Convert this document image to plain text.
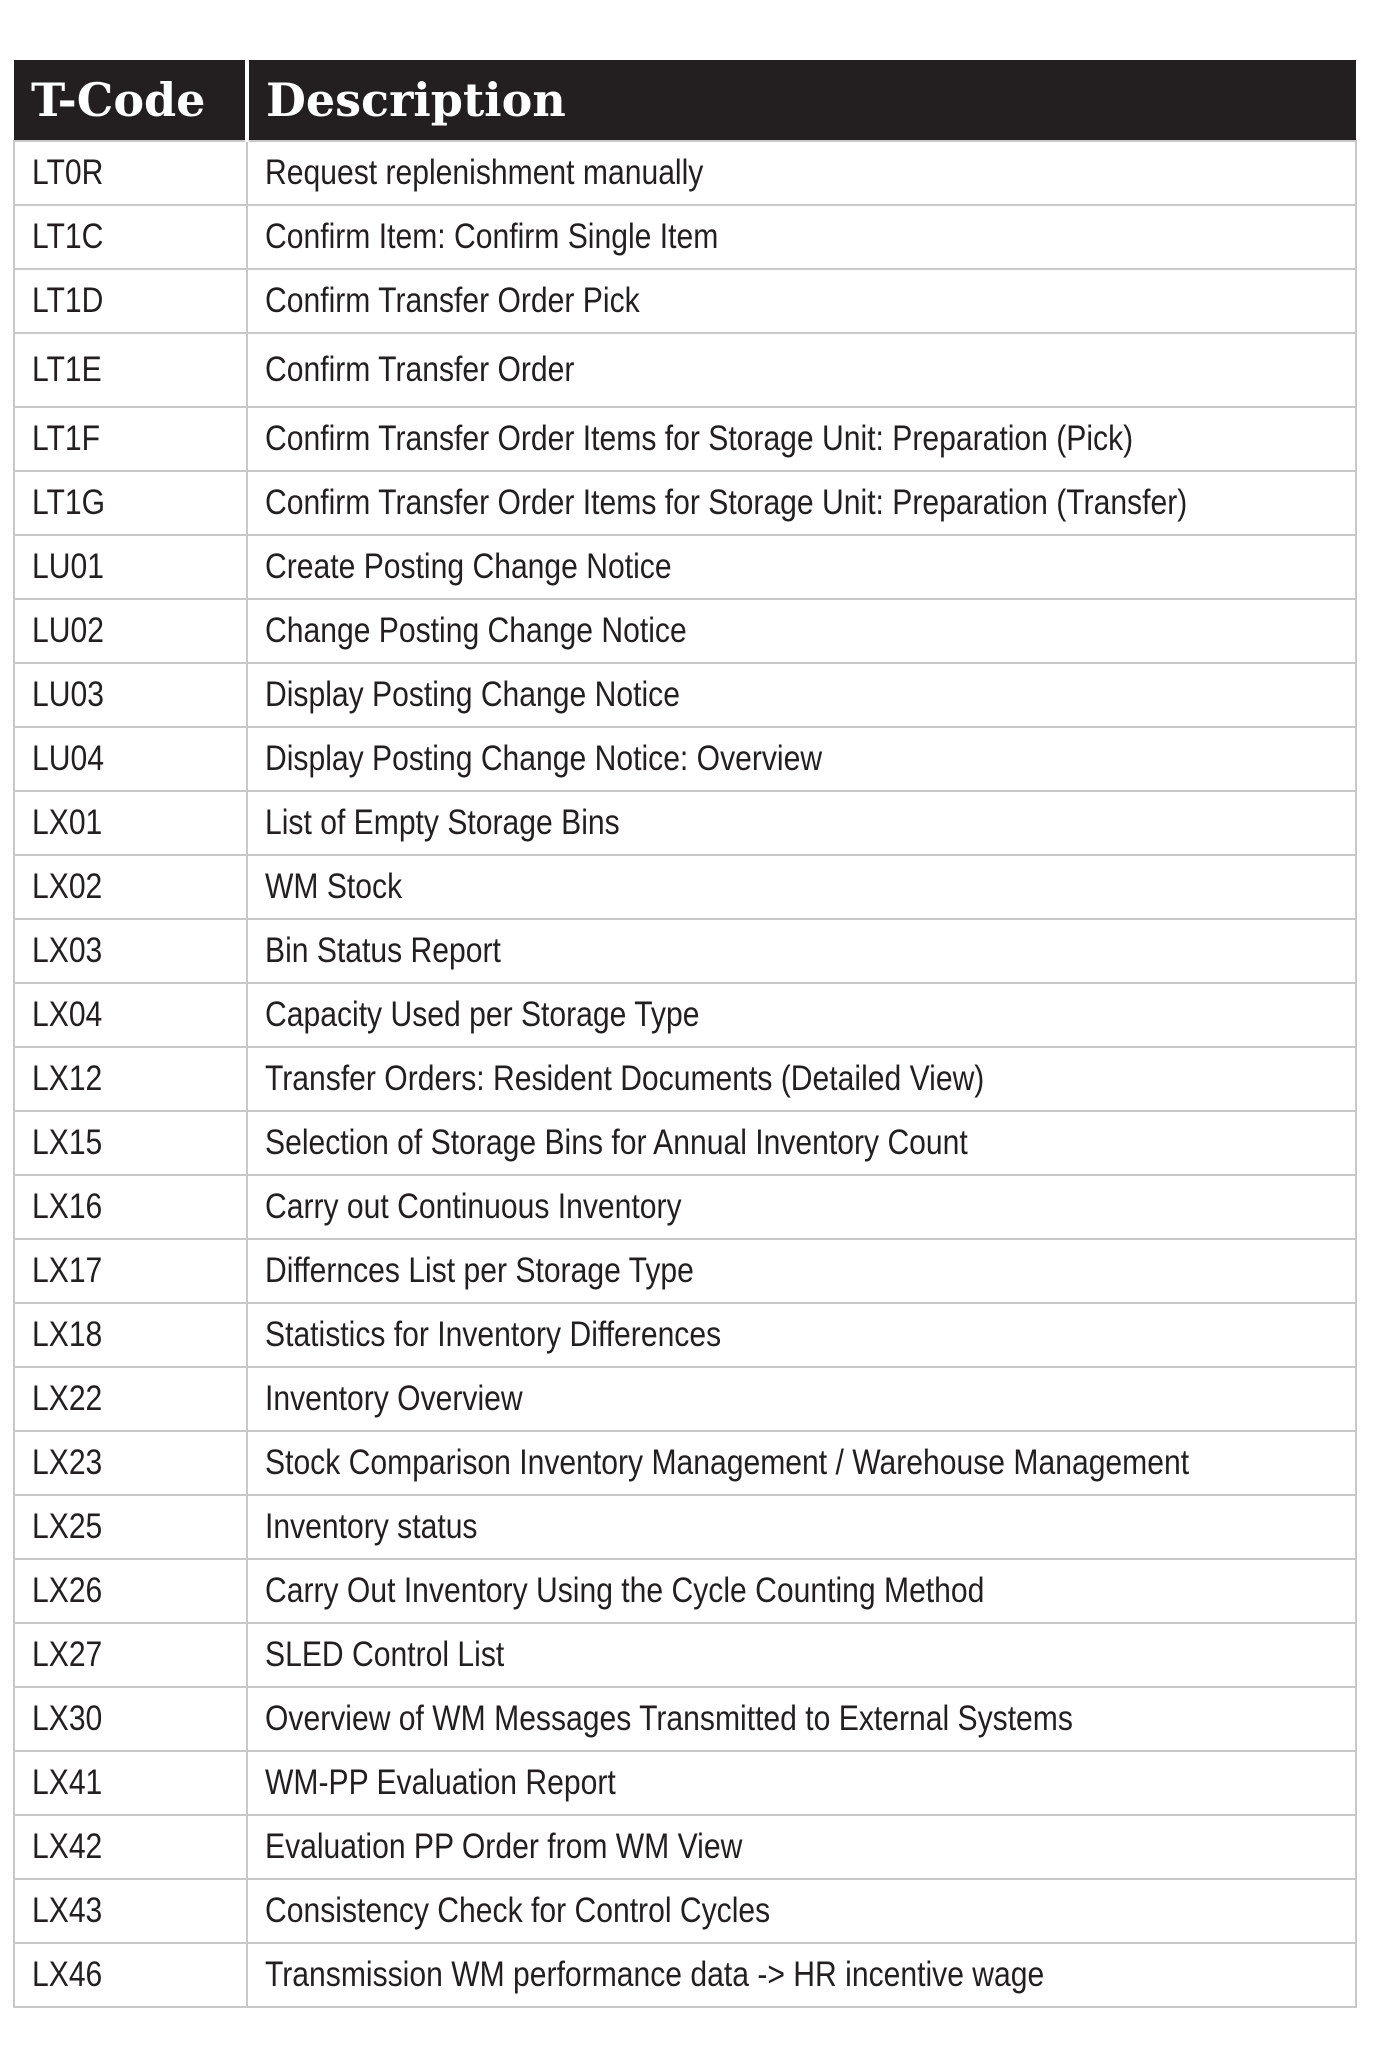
T-Code	Description
LT0R	Request replenishment manually
LT1C	Confirm Item: Confirm Single Item
LT1D	Confirm Transfer Order Pick
LT1E	Confirm Transfer Order
LT1F	Confirm Transfer Order Items for Storage Unit: Preparation (Pick)
LT1G	Confirm Transfer Order Items for Storage Unit: Preparation (Transfer)
LU01	Create Posting Change Notice
LU02	Change Posting Change Notice
LU03	Display Posting Change Notice
LU04	Display Posting Change Notice: Overview
LX01	List of Empty Storage Bins
LX02	WM Stock
LX03	Bin Status Report
LX04	Capacity Used per Storage Type
LX12	Transfer Orders: Resident Documents (Detailed View)
LX15	Selection of Storage Bins for Annual Inventory Count
LX16	Carry out Continuous Inventory
LX17	Differnces List per Storage Type
LX18	Statistics for Inventory Differences
LX22	Inventory Overview
LX23	Stock Comparison Inventory Management / Warehouse Management
LX25	Inventory status
LX26	Carry Out Inventory Using the Cycle Counting Method
LX27	SLED Control List
LX30	Overview of WM Messages Transmitted to External Systems
LX41	WM-PP Evaluation Report
LX42	Evaluation PP Order from WM View
LX43	Consistency Check for Control Cycles
LX46	Transmission WM performance data -> HR incentive wage
